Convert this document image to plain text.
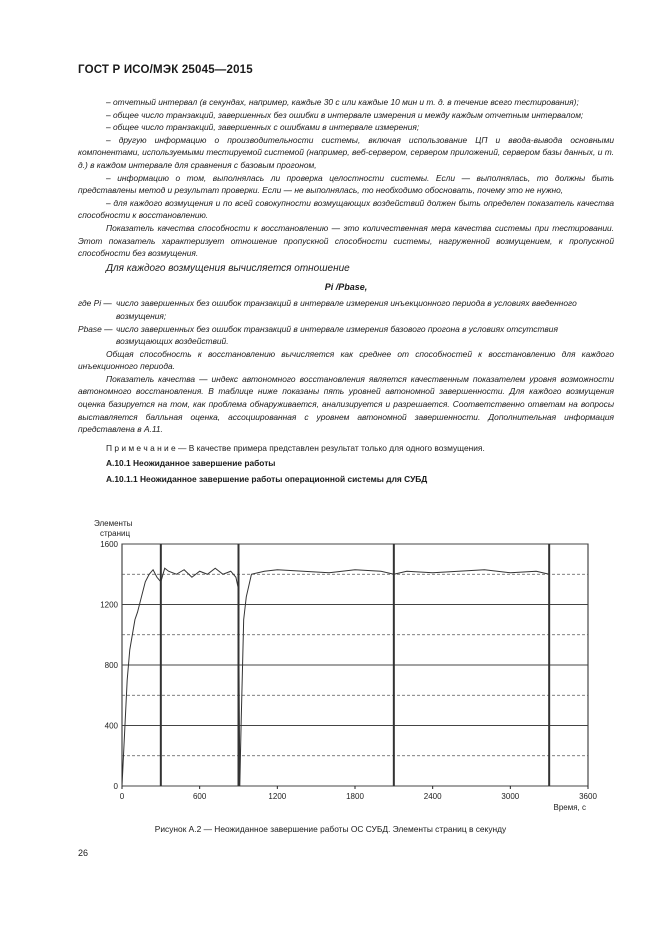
ГОСТ Р ИСО/МЭК 25045—2015

– отчетный интервал (в секундах, например, каждые 30 с или каждые 10 мин и т. д. в течение всего тестирования);

– общее число транзакций, завершенных без ошибки в интервале измерения и между каждым отчетным интервалом;

– общее число транзакций, завершенных с ошибками в интервале измерения;

– другую информацию о производительности системы, включая использование ЦП и ввода-вывода основными компонентами, используемыми тестируемой системой (например, веб-сервером, сервером приложений, сервером базы данных, и т. д.) в каждом интервале для сравнения с базовым прогоном,

– информацию о том, выполнялась ли проверка целостности системы. Если — выполнялась, то должны быть представлены метод и результат проверки. Если — не выполнялась, то необходимо обосновать, почему это не нужно,

– для каждого возмущения и по всей совокупности возмущающих воздействий должен быть определен показатель качества способности к восстановлению.

Показатель качества способности к восстановлению — это количественная мера качества системы при тестировании. Этот показатель характеризует отношение пропускной способности системы, нагруженной возмущением, к пропускной способности без возмущения.

Для каждого возмущения вычисляется отношение

Pi /Pbase,

где Pi — число завершенных без ошибок транзакций в интервале измерения инъекционного периода в условиях введенного возмущения;
Pbase — число завершенных без ошибок транзакций в интервале измерения базового прогона в условиях отсутствия возмущающих воздействий.

Общая способность к восстановлению вычисляется как среднее от способностей к восстановлению для каждого инъекционного периода.

Показатель качества — индекс автономного восстановления является качественным показателем уровня возможности автономного восстановления. В таблице ниже показаны пять уровней автономной завершенности. Для каждого возмущения оценка базируется на том, как проблема обнаруживается, анализируется и разрешается. Соответственно ответам на вопросы выставляется балльная оценка, ассоциированная с уровнем автономной завершенности. Дополнительная информация представлена в А.11.

П р и м е ч а н и е — В качестве примера представлен результат только для одного возмущения.

А.10.1 Неожиданное завершение работы

А.10.1.1 Неожиданное завершение работы операционной системы для СУБД

0
400
800
1200
1600
0	600	1200	1800	2400	3000	3600
Элементы
страниц
Время, с
Рисунок А.2 — Неожиданное завершение работы ОС СУБД. Элементы страниц в секунду
26
